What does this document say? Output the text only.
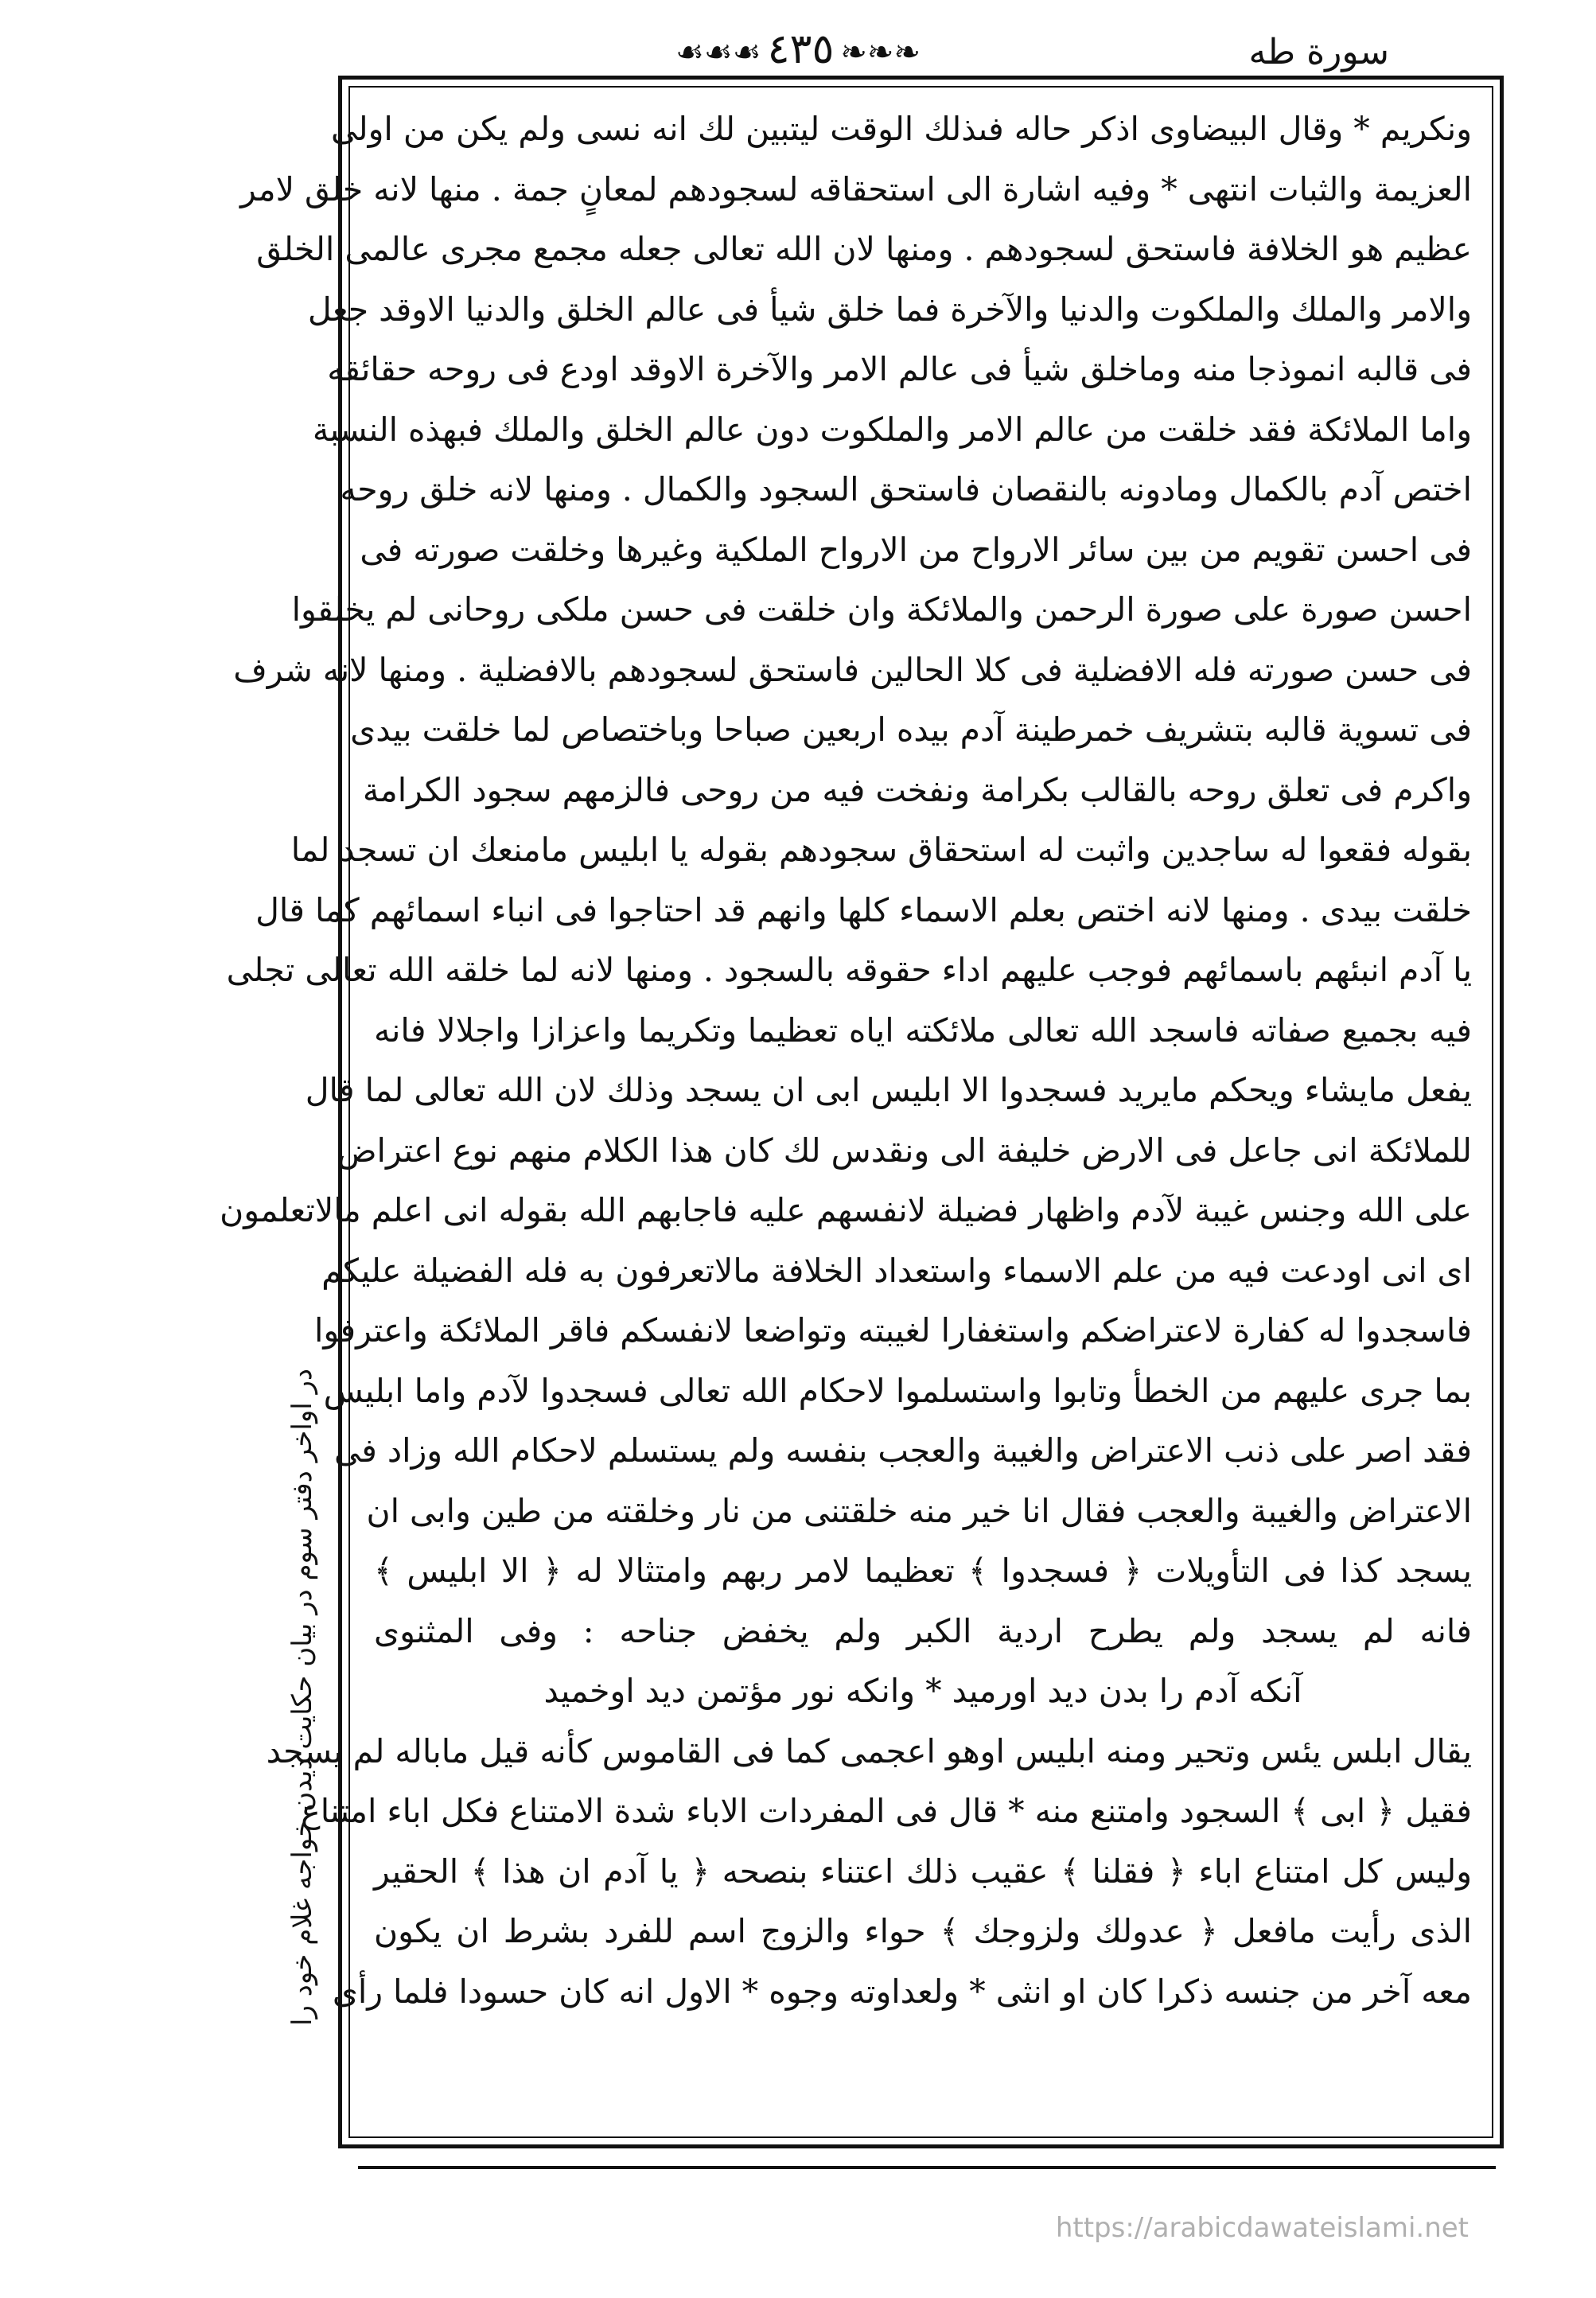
سورة طه
❧❧❧٤٣٥☙☙☙
ونكريم * وقال البيضاوى اذكر حاله فىذلك الوقت ليتبين لك انه نسى ولم يكن من اولى
العزيمة والثبات انتهى * وفيه اشارة الى استحقاقه لسجودهم لمعانٍ جمة . منها لانه خلق لامر
عظيم هو الخلافة فاستحق لسجودهم . ومنها لان الله تعالى جعله مجمع مجرى عالمى الخلق
والامر والملك والملكوت والدنيا والآخرة فما خلق شيأ فى عالم الخلق والدنيا الاوقد جعل
فى قالبه انموذجا منه وماخلق شيأ فى عالم الامر والآخرة الاوقد اودع فى روحه حقائقه
واما الملائكة فقد خلقت من عالم الامر والملكوت دون عالم الخلق والملك فبهذه النسبة
اختص آدم بالكمال ومادونه بالنقصان فاستحق السجود والكمال . ومنها لانه خلق روحه
فى احسن تقويم من بين سائر الارواح من الارواح الملكية وغيرها وخلقت صورته فى
احسن صورة على صورة الرحمن والملائكة وان خلقت فى حسن ملكى روحانى لم يخلقوا
فى حسن صورته فله الافضلية فى كلا الحالين فاستحق لسجودهم بالافضلية . ومنها لانه شرف
فى تسوية قالبه بتشريف خمرطينة آدم بيده اربعين صباحا وباختصاص لما خلقت بيدى
واكرم فى تعلق روحه بالقالب بكرامة ونفخت فيه من روحى فالزمهم سجود الكرامة
بقوله فقعوا له ساجدين واثبت له استحقاق سجودهم بقوله يا ابليس مامنعك ان تسجد لما
خلقت بيدى . ومنها لانه اختص بعلم الاسماء كلها وانهم قد احتاجوا فى انباء اسمائهم كما قال
يا آدم انبئهم باسمائهم فوجب عليهم اداء حقوقه بالسجود . ومنها لانه لما خلقه الله تعالى تجلى
فيه بجميع صفاته فاسجد الله تعالى ملائكته اياه تعظيما وتكريما واعزازا واجلالا فانه
يفعل مايشاء ويحكم مايريد فسجدوا الا ابليس ابى ان يسجد وذلك لان الله تعالى لما قال
للملائكة انى جاعل فى الارض خليفة الى ونقدس لك كان هذا الكلام منهم نوع اعتراض
على الله وجنس غيبة لآدم واظهار فضيلة لانفسهم عليه فاجابهم الله بقوله انى اعلم مالاتعلمون
اى انى اودعت فيه من علم الاسماء واستعداد الخلافة مالاتعرفون به فله الفضيلة عليكم
فاسجدوا له كفارة لاعتراضكم واستغفارا لغيبته وتواضعا لانفسكم فاقر الملائكة واعترفوا
بما جرى عليهم من الخطأ وتابوا واستسلموا لاحكام الله تعالى فسجدوا لآدم واما ابليس
فقد اصر على ذنب الاعتراض والغيبة والعجب بنفسه ولم يستسلم لاحكام الله وزاد فى
الاعتراض والغيبة والعجب فقال انا خير منه خلقتنى من نار وخلقته من طين وابى ان
يسجد كذا فى التأويلات ﴿ فسجدوا ﴾ تعظيما لامر ربهم وامتثالا له ﴿ الا ابليس ﴾
فانه لم يسجد ولم يطرح اردية الكبر ولم يخفض جناحه : وفى المثنوى
آنكه آدم را بدن ديد اورميد * وانكه نور مؤتمن ديد اوخميد
يقال ابلس يئس وتحير ومنه ابليس اوهو اعجمى كما فى القاموس كأنه قيل ماباله لم يسجد
فقيل ﴿ ابى ﴾ السجود وامتنع منه * قال فى المفردات الاباء شدة الامتناع فكل اباء امتناع
وليس كل امتناع اباء ﴿ فقلنا ﴾ عقيب ذلك اعتناء بنصحه ﴿ يا آدم ان هذا ﴾ الحقير
الذى رأيت مافعل ﴿ عدولك ولزوجك ﴾ حواء والزوج اسم للفرد بشرط ان يكون
معه آخر من جنسه ذكرا كان او انثى * ولعداوته وجوه * الاول انه كان حسودا فلما رأى
در اواخر دفتر سوم در بيان حكايت ديدن خواجه غلام خود را
https://arabicdawateislami.net
